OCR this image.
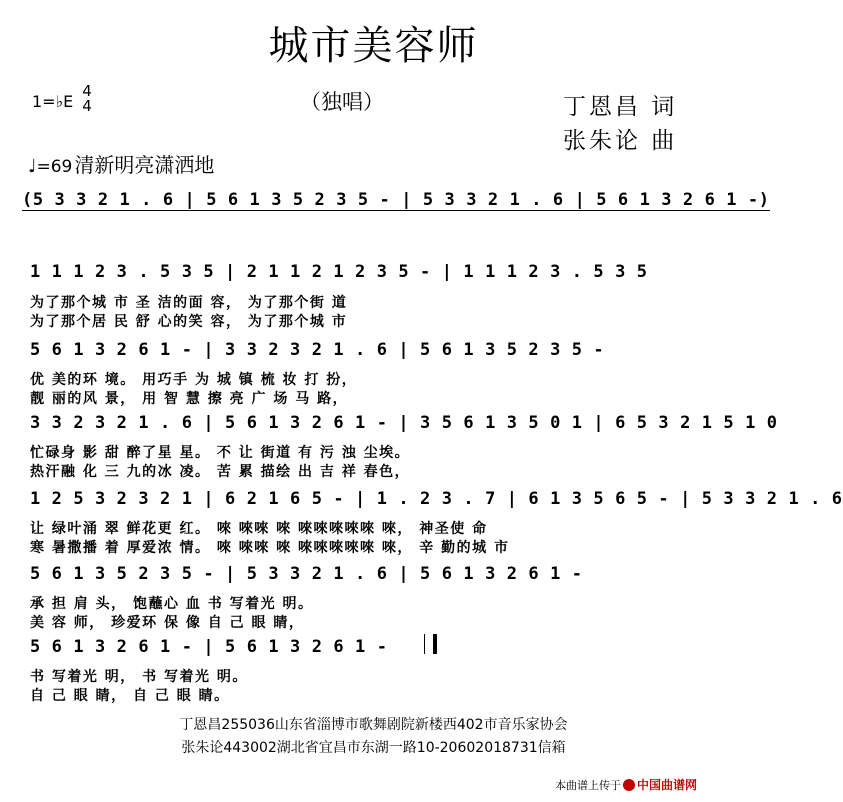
城市美容师
（独唱）
1=♭E
4
4	丁恩昌 词
张朱论 曲
♩=69 清新明亮潇洒地
(5 3 3 2 1 . 6 | 5 6 1 3 5 2 3 5 - | 5 3 3 2 1 . 6 | 5 6 1 3 2 6 1 -)
1 1 1 2 3 . 5 3 5 | 2 1 1 2 1 2 3 5 - | 1 1 1 2 3 . 5 3 5
为了那个城 市 圣 洁的面 容， 为了那个街 道
为了那个居 民 舒 心的笑 容， 为了那个城 市
5 6 1 3 2 6 1 - | 3 3 2 3 2 1 . 6 | 5 6 1 3 5 2 3 5 -
优 美的环 境。 用巧手 为 城 镇 梳 妆 打 扮，
靓 丽的风 景， 用 智 慧 擦 亮 广 场 马 路，
3 3 2 3 2 1 . 6 | 5 6 1 3 2 6 1 - | 3 5 6 1 3 5 0 1 | 6 5 3 2 1 5 1 0
忙碌身 影 甜 醉了星 星。 不 让 街道 有 污 浊 尘埃。
热汗融 化 三 九的冰 凌。 苦 累 描绘 出 吉 祥 春色，
1 2 5 3 2 3 2 1 | 6 2 1 6 5 - | 1 . 2 3 . 7 | 6 1 3 5 6 5 - | 5 3 3 2 1 . 6
让 绿叶涌 翠 鲜花更 红。 唻 唻唻 唻 唻唻唻唻唻 唻， 神圣使 命
寒 暑撒播 着 厚爱浓 情。 唻 唻唻 唻 唻唻唻唻唻 唻， 辛 勤的城 市
5 6 1 3 5 2 3 5 - | 5 3 3 2 1 . 6 | 5 6 1 3 2 6 1 -
承 担 肩 头， 饱蘸心 血 书 写着光 明。
美 容 师， 珍爱环 保 像 自 己 眼 睛，
5 6 1 3 2 6 1 - | 5 6 1 3 2 6 1 -
书 写着光 明， 书 写着光 明。
自 己 眼 睛， 自 己 眼 睛。
丁恩昌255036山东省淄博市歌舞剧院新楼西402市音乐家协会
张朱论443002湖北省宜昌市东湖一路10-20602018731信箱
本曲谱上传于 中国曲谱网
